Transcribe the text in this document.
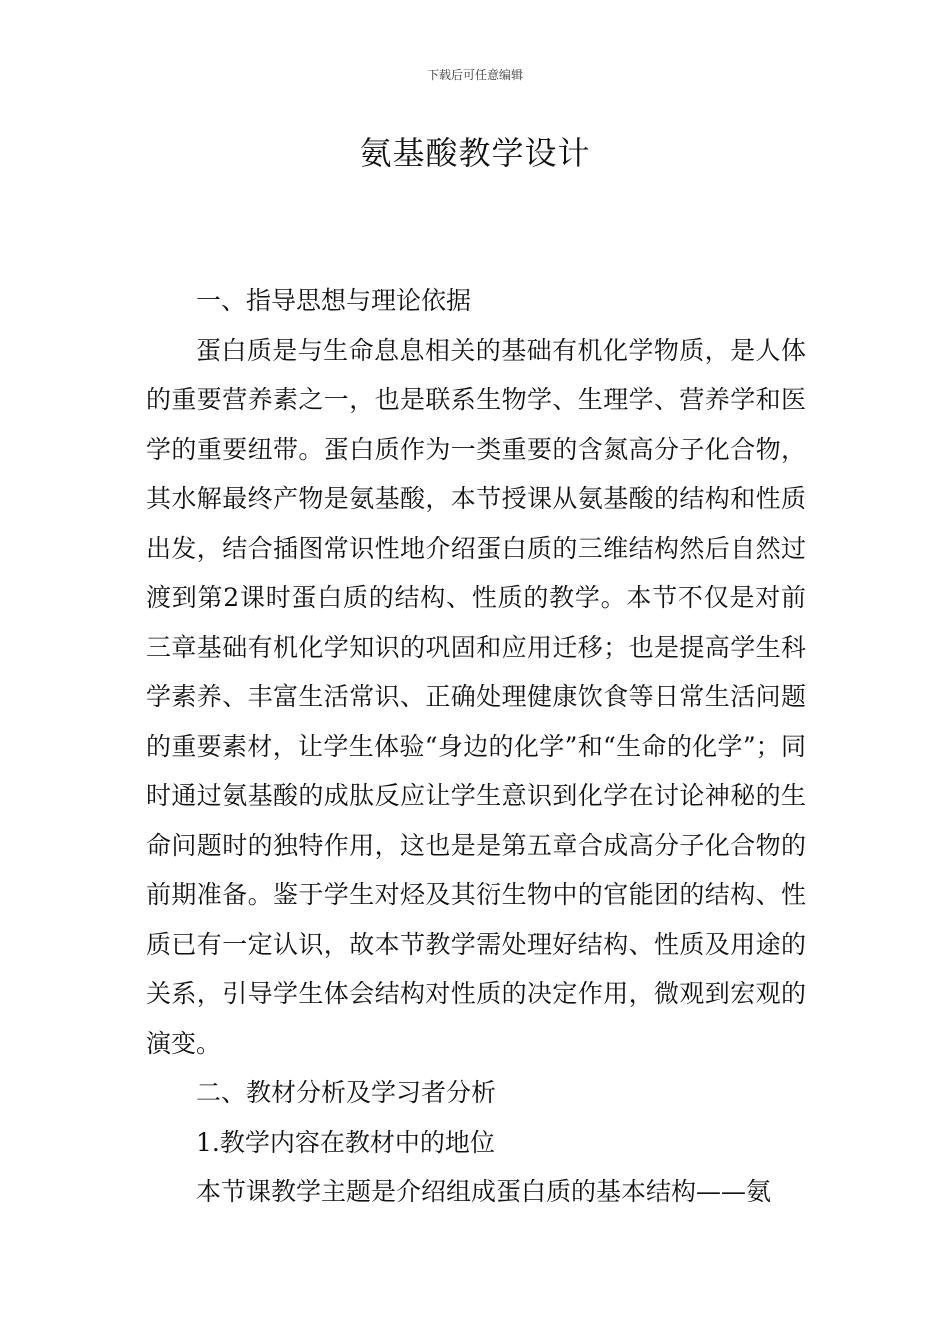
下载后可任意编辑
氨基酸教学设计

一、指导思想与理论依据

蛋白质是与生命息息相关的基础有机化学物质，是人体的重要营养素之一，也是联系生物学、生理学、营养学和医学的重要纽带。蛋白质作为一类重要的含氮高分子化合物，其水解最终产物是氨基酸，本节授课从氨基酸的结构和性质出发，结合插图常识性地介绍蛋白质的三维结构然后自然过渡到第2课时蛋白质的结构、性质的教学。本节不仅是对前三章基础有机化学知识的巩固和应用迁移；也是提高学生科学素养、丰富生活常识、正确处理健康饮食等日常生活问题的重要素材，让学生体验“身边的化学”和“生命的化学”；同时通过氨基酸的成肽反应让学生意识到化学在讨论神秘的生命问题时的独特作用，这也是是第五章合成高分子化合物的前期准备。鉴于学生对烃及其衍生物中的官能团的结构、性质已有一定认识，故本节教学需处理好结构、性质及用途的关系，引导学生体会结构对性质的决定作用，微观到宏观的演变。

二、教材分析及学习者分析

1.教学内容在教材中的地位

本节课教学主题是介绍组成蛋白质的基本结构——氨
